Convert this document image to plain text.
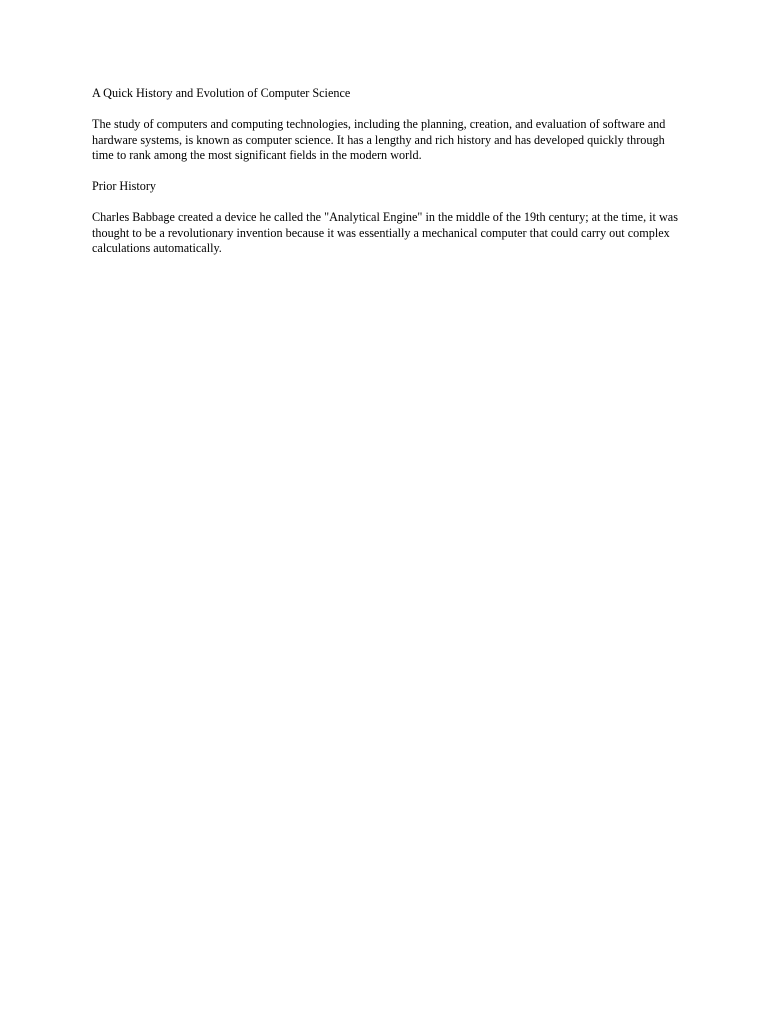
A Quick History and Evolution of Computer Science

The study of computers and computing technologies, including the planning, creation, and evaluation of software and hardware systems, is known as computer science. It has a lengthy and rich history and has developed quickly through time to rank among the most significant fields in the modern world.

Prior History

Charles Babbage created a device he called the "Analytical Engine" in the middle of the 19th century; at the time, it was thought to be a revolutionary invention because it was essentially a mechanical computer that could carry out complex calculations automatically.
